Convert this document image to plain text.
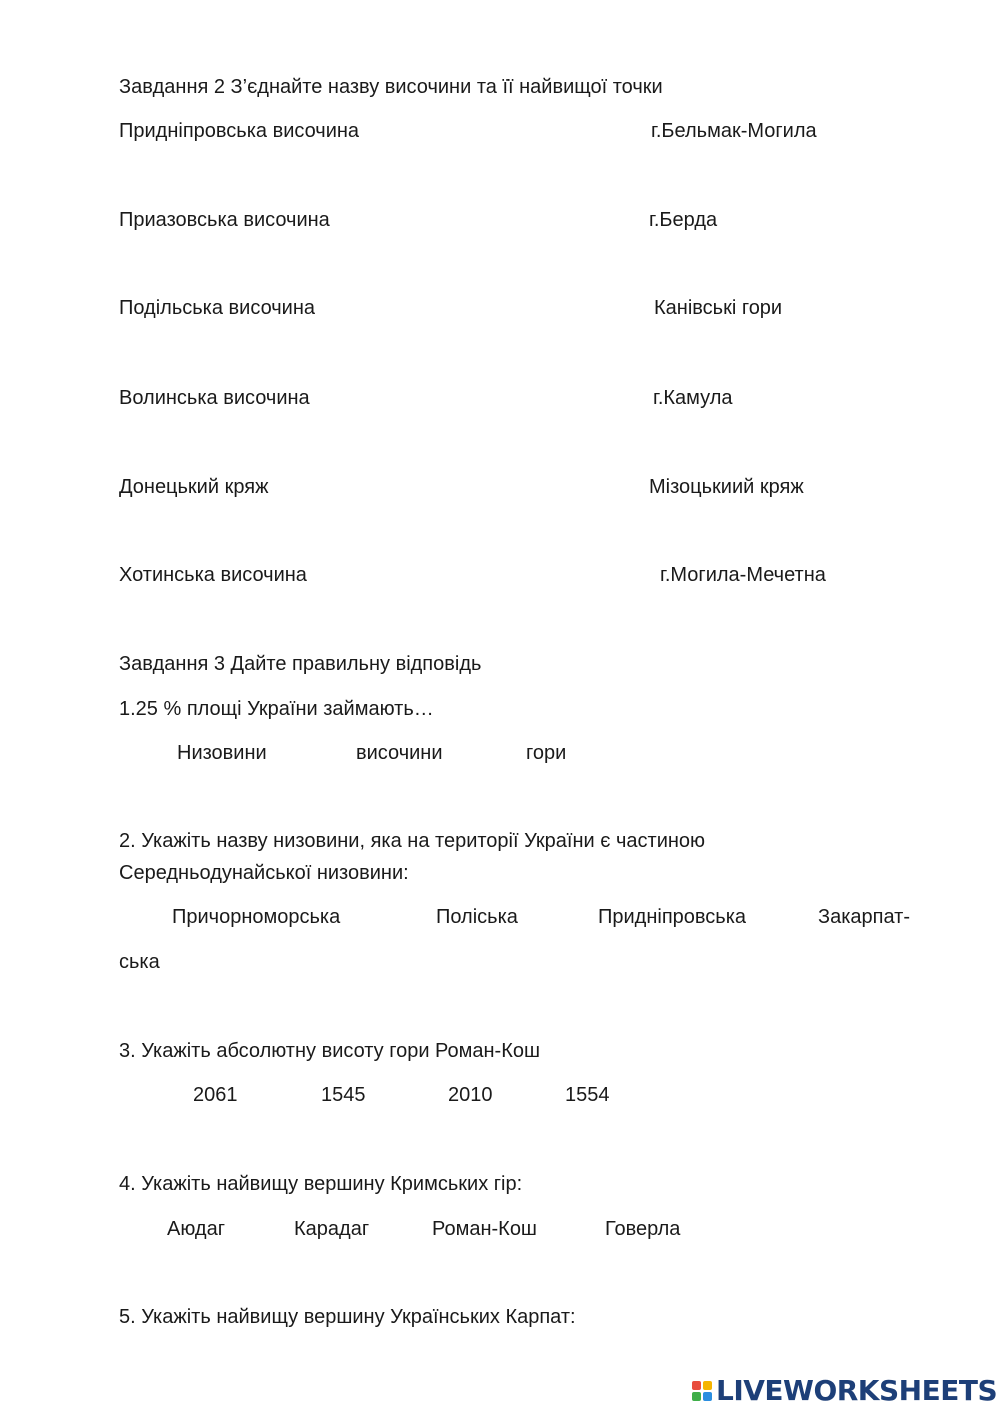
Завдання 2 З’єднайте назву височини та її найвищої точки
Придніпровська височина	г.Бельмак-Могила
Приазовська височина	г.Берда
Подільська височина	Канівські гори
Волинська височина	г.Камула
Донецький кряж	Мізоцькиий кряж
Хотинська височина	г.Могила-Мечетна
Завдання 3 Дайте правильну відповідь
1.25 % площі України займають…
Низовини	височини	гори
2. Укажіть назву низовини, яка на території України є частиною
Середньодунайської низовини:
Причорноморська	Поліська	Придніпровська	Закарпат-
ська
3. Укажіть абсолютну висоту гори Роман-Кош
2061	1545	2010	1554
4. Укажіть найвищу вершину Кримських гір:
Аюдаг	Карадаг	Роман-Кош	Говерла
5. Укажіть найвищу вершину Українських Карпат:
LIVEWORKSHEETS
